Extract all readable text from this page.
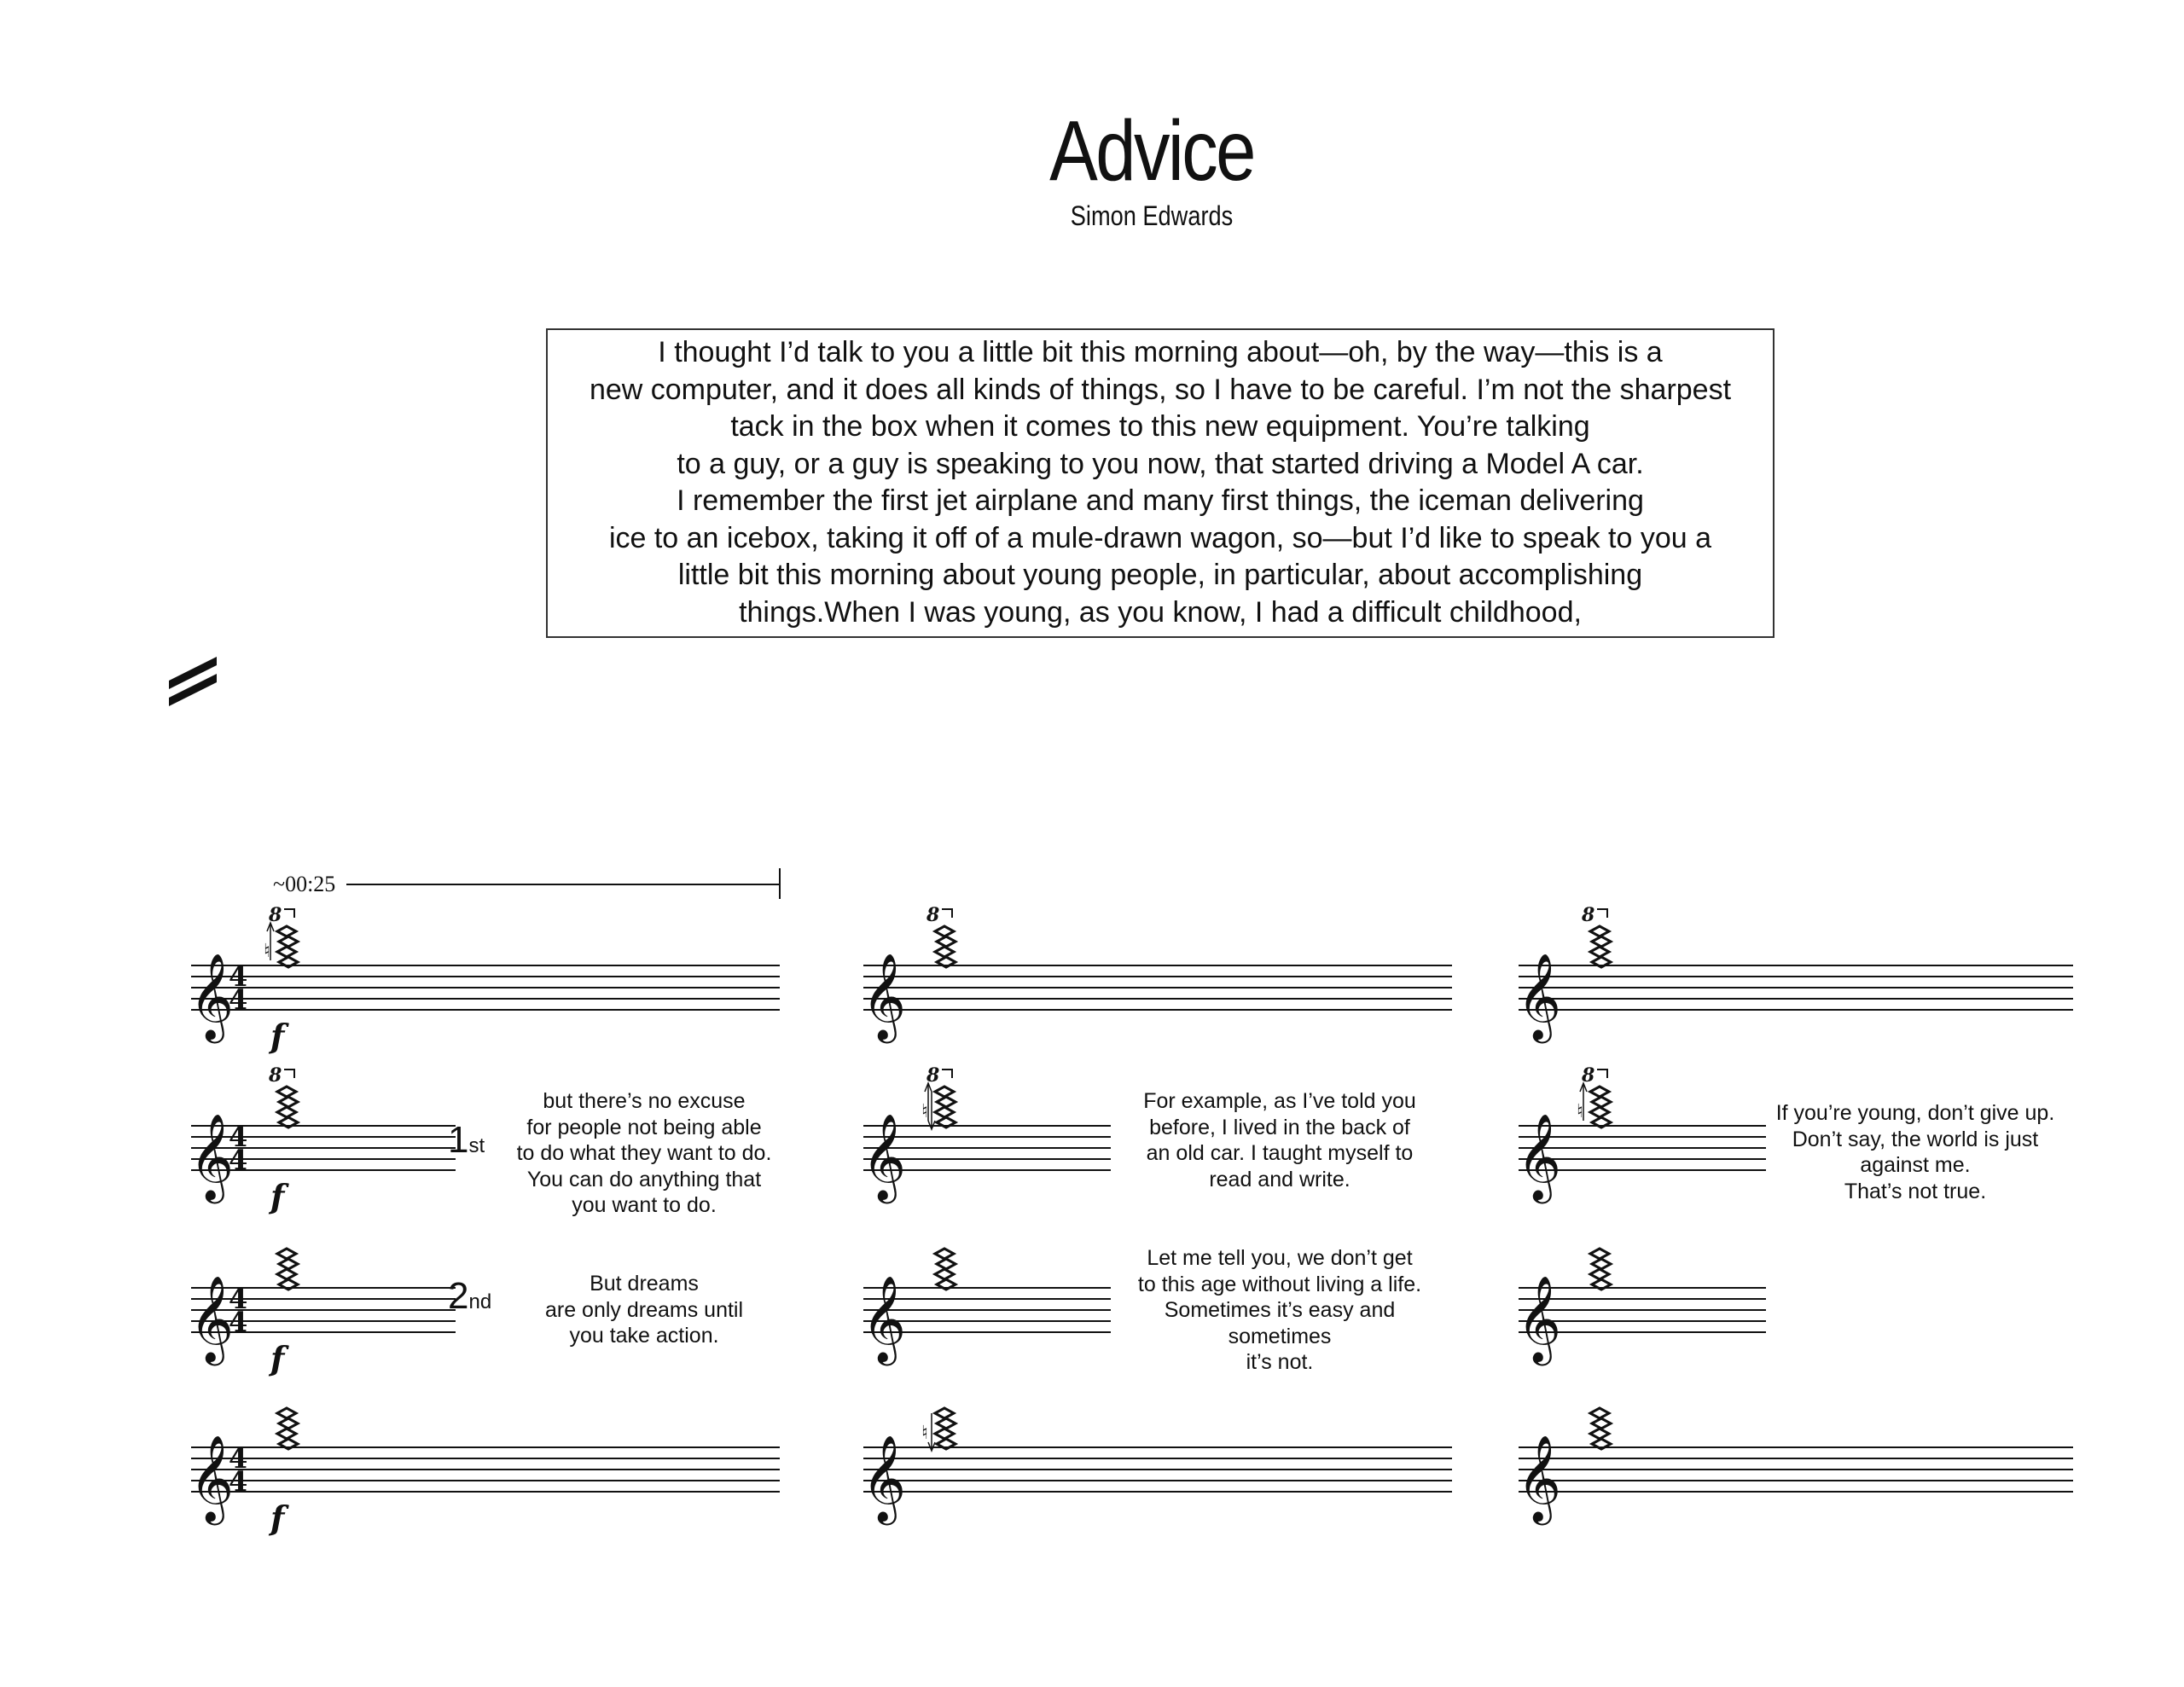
Advice
Simon Edwards
I thought I’d talk to you a little bit this morning about—oh, by the way—this is a
new computer, and it does all kinds of things, so I have to be careful. I’m not the sharpest
tack in the box when it comes to this new equipment. You’re talking
to a guy, or a guy is speaking to you now, that started driving a Model A car.
I remember the first jet airplane and many first things, the iceman delivering
ice to an icebox, taking it off of a mule-drawn wagon, so—but I’d like to speak to you a
little bit this morning about young people, in particular, about accomplishing
things.When I was young, as you know, I had a difficult childhood,
~00:25
𝄞
4
4
8
♮
f	𝄞
8
𝄞
8
𝄞
4
4
8
f	𝄞
8
♮
𝄞
8
♮
𝄞
4
4
f	𝄞	𝄞
𝄞
4
4
f	𝄞
♮
𝄞
1st
2nd
but there’s no excuse
for people not being able
to do what they want to do.
You can do anything that
you want to do.
For example, as I’ve told you
before, I lived in the back of
an old car. I taught myself to
read and write.
If you’re young, don’t give up.
Don’t say, the world is just
against me.
That’s not true.
But dreams
are only dreams until
you take action.
Let me tell you, we don’t get
to this age without living a life.
Sometimes it’s easy and
sometimes
it’s not.
